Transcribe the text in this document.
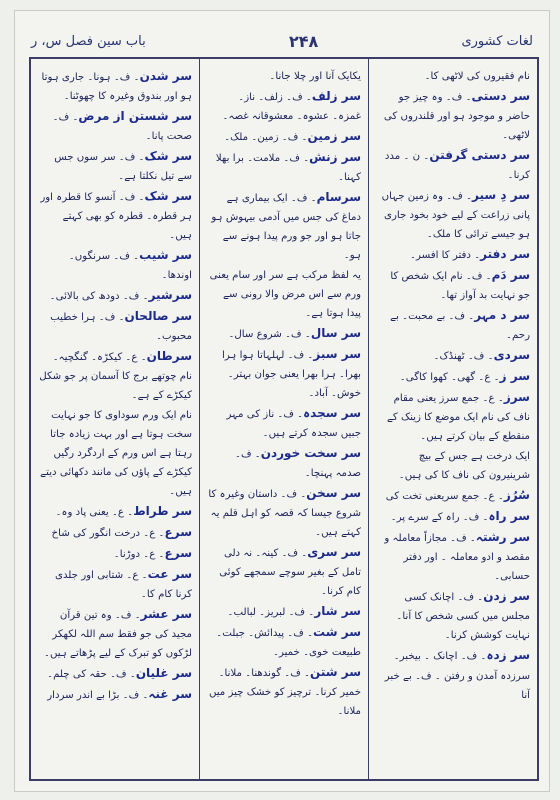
لغات کشوری
۲۴۸
باب سین فصل س، ر
نام فقیروں کی لاٹھی کا۔
سر دستی۔ ف۔ وہ چیز جو حاضر و موجود ہو اور قلندروں کی لاٹھی۔
سر دستی گرفتن۔ ن ۔ مدد کرنا۔
سر دِ سیر۔ ف۔ وہ زمین جہاں پانی زراعت کے لیے خود بخود جاری ہو جیسے ترائی کا ملک۔
سر دفتر۔ دفتر کا افسر۔
سر دَم۔ ف۔ نام ایک شخص کا جو نہایت بد آواز تھا۔
سر د مہر۔ ف۔ بے محبت۔ بے رحم۔
سردی۔ ف۔ ٹھنڈک۔
سر ز۔ ع۔ گھی۔ کھوا کاگی۔
سرز۔ ع۔ جمع سرز یعنی مقام ناف کی نام ایک موضع کا زینک کے منقطع کے بیان کرتے ہیں۔
ایک درخت ہے جس کے بیچ شرینیرون کی ناف کا کی ہیں۔
سُرُز۔ ع۔ جمع سریعنی تخت کی
سر راہ۔ ف۔ راہ کے سرے پر۔
سر رشتہ۔ ف۔ مجازاً معاملہ و مقصد و ادو معاملہ ۔ اور دفتر حسابی۔
سر زدن۔ ف۔ اچانک کسی مجلس میں کسی شخص کا آنا۔ نہایت کوشش کرنا۔
سر زدہ۔ ف۔ اچانک ۔ بیخبر۔
سرزدہ آمدن و رفتن ۔ ف۔ بے خبر آنا
یکایک آنا اور چلا جانا۔
سر زلف۔ ف۔ زلف۔ ناز۔ غمزہ۔ عشوہ۔ معشوقانہ غصہ۔
سر زمین۔ ف۔ زمین۔ ملک۔
سر زنش۔ ف۔ ملامت۔ برا بھلا کہنا۔
سرسام۔ ف۔ ایک بیماری ہے دماغ کی جس میں آدمی بیہوش ہو جاتا ہو اور جو ورم پیدا ہونے سے ہو۔
یہ لفظ مرکب ہے سر اور سام یعنی ورم سے اس مرض والا رونی سے پیدا ہوتا ہے۔
سر سال۔ ف۔ شروع سال۔
سر سبز۔ ف۔ لہلہاتا ہوا ہرا بھرا۔ ہرا بھرا یعنی جوان بہتر۔ خوش۔ آباد۔
سر سجدہ۔ ف۔ ناز کی مہر جبیں سجدہ کرتے ہیں۔
سر سخت خوردن۔ ف۔ صدمہ پہنچا۔
سر سخن۔ ف۔ داستان وغیرہ کا شروع جیسا کہ قصہ کو اہل قلم یہ کہتے ہیں۔
سر سری۔ ف۔ کینہ۔ نہ دلی تامل کے بغیر سوچے سمجھے کوئی کام کرنا۔
سر شار۔ ف۔ لبریز۔ لبالب۔
سر شت۔ ف۔ پیدائش۔ جبلت۔ طبیعت خوی۔ خمیر۔
سر شتن۔ ف۔ گوندھنا۔ ملانا۔ خمیر کرنا۔ ترچیز کو خشک چیز میں ملانا۔
سر شدن۔ ف۔ ہونا۔ جاری ہوتا ہو اور بندوق وغیرہ کا چھوٹنا۔
سر شستن از مرض۔ ف۔ صحت پانا۔
سر شک۔ ف۔ سر سوں جس سے تیل نکلتا ہے۔
سر شک۔ ف۔ آنسو کا قطرہ اور ہر قطرہ۔ قطرہ کو بھی کہتے ہیں۔
سر شیب۔ ف۔ سرنگوں۔ اوندھا۔
سرشیر۔ ف۔ دودھ کی بالائی۔
سر صالحان۔ ف۔ ہرا خطیب محبوب۔
سرطان۔ ع۔ کیکڑہ۔ گنگچیہ۔ نام چوتھے برج کا آسمان پر جو شکل کیکڑے کے ہے۔
نام ایک ورم سوداوی کا جو نہایت سخت ہوتا ہے اور بہت زیادہ جاتا رہتا ہے اس ورم کے اردگرد رگیں کیکڑے کے پاؤں کی مانند دکھائی دیتے ہیں۔
سر طراط۔ ع۔ یعنی پاد وہ۔
سرع۔ ع۔ درخت انگور کی شاخ
سرع۔ ع۔ دوڑنا۔
سر عت۔ ع۔ شتابی اور جلدی کرنا کام کا۔
سر عشر۔ ف۔ وہ تین قرآن مجید کی جو فقط سم اللہ لکھکر لڑکوں کو تبرک کے لیے پڑھاتے ہیں۔
سر غلیان۔ ف۔ حقہ کی چلم۔
سر غنہ۔ ف۔ بڑا بے اندر سردار
